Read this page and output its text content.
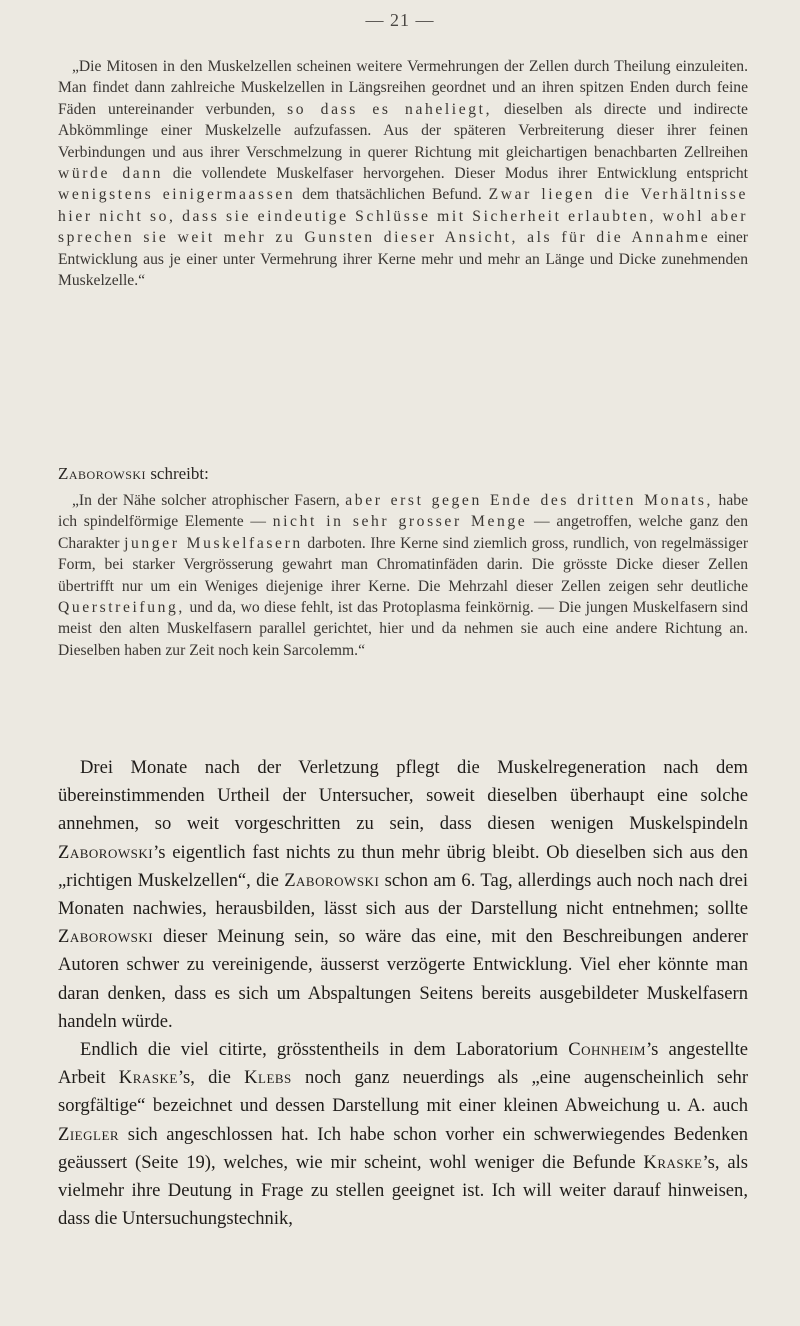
— 21 —

„Die Mitosen in den Muskelzellen scheinen weitere Vermehrungen der Zellen durch Theilung einzuleiten. Man findet dann zahlreiche Muskelzellen in Längsreihen geordnet und an ihren spitzen Enden durch feine Fäden untereinander verbunden, so dass es naheliegt, dieselben als directe und indirecte Abkömmlinge einer Muskelzelle aufzufassen. Aus der späteren Verbreiterung dieser ihrer feinen Verbindungen und aus ihrer Verschmelzung in querer Richtung mit gleichartigen benachbarten Zellreihen würde dann die vollendete Muskelfaser hervorgehen. Dieser Modus ihrer Entwicklung entspricht wenigstens einigermaassen dem thatsächlichen Befund. Zwar liegen die Verhältnisse hier nicht so, dass sie eindeutige Schlüsse mit Sicherheit erlaubten, wohl aber sprechen sie weit mehr zu Gunsten dieser Ansicht, als für die Annahme einer Entwicklung aus je einer unter Vermehrung ihrer Kerne mehr und mehr an Länge und Dicke zunehmenden Muskelzelle.“

Zaborowski schreibt:

„In der Nähe solcher atrophischer Fasern, aber erst gegen Ende des dritten Monats, habe ich spindelförmige Elemente — nicht in sehr grosser Menge — angetroffen, welche ganz den Charakter junger Muskelfasern darboten. Ihre Kerne sind ziemlich gross, rundlich, von regelmässiger Form, bei starker Vergrösserung gewahrt man Chromatinfäden darin. Die grösste Dicke dieser Zellen übertrifft nur um ein Weniges diejenige ihrer Kerne. Die Mehrzahl dieser Zellen zeigen sehr deutliche Querstreifung, und da, wo diese fehlt, ist das Protoplasma feinkörnig. — Die jungen Muskelfasern sind meist den alten Muskelfasern parallel gerichtet, hier und da nehmen sie auch eine andere Richtung an. Dieselben haben zur Zeit noch kein Sarcolemm.“

Drei Monate nach der Verletzung pflegt die Muskelregeneration nach dem übereinstimmenden Urtheil der Untersucher, soweit dieselben überhaupt eine solche annehmen, so weit vorgeschritten zu sein, dass diesen wenigen Muskelspindeln Zaborowski’s eigentlich fast nichts zu thun mehr übrig bleibt. Ob dieselben sich aus den „richtigen Muskelzellen“, die Zaborowski schon am 6. Tag, allerdings auch noch nach drei Monaten nachwies, herausbilden, lässt sich aus der Darstellung nicht entnehmen; sollte Zaborowski dieser Meinung sein, so wäre das eine, mit den Beschreibungen anderer Autoren schwer zu vereinigende, äusserst verzögerte Entwicklung. Viel eher könnte man daran denken, dass es sich um Abspaltungen Seitens bereits ausgebildeter Muskelfasern handeln würde.

Endlich die viel citirte, grösstentheils in dem Laboratorium Cohnheim’s angestellte Arbeit Kraske’s, die Klebs noch ganz neuerdings als „eine augenscheinlich sehr sorgfältige“ bezeichnet und dessen Darstellung mit einer kleinen Abweichung u. A. auch Ziegler sich angeschlossen hat. Ich habe schon vorher ein schwerwiegendes Bedenken geäussert (Seite 19), welches, wie mir scheint, wohl weniger die Befunde Kraske’s, als vielmehr ihre Deutung in Frage zu stellen geeignet ist. Ich will weiter darauf hinweisen, dass die Untersuchungstechnik,
